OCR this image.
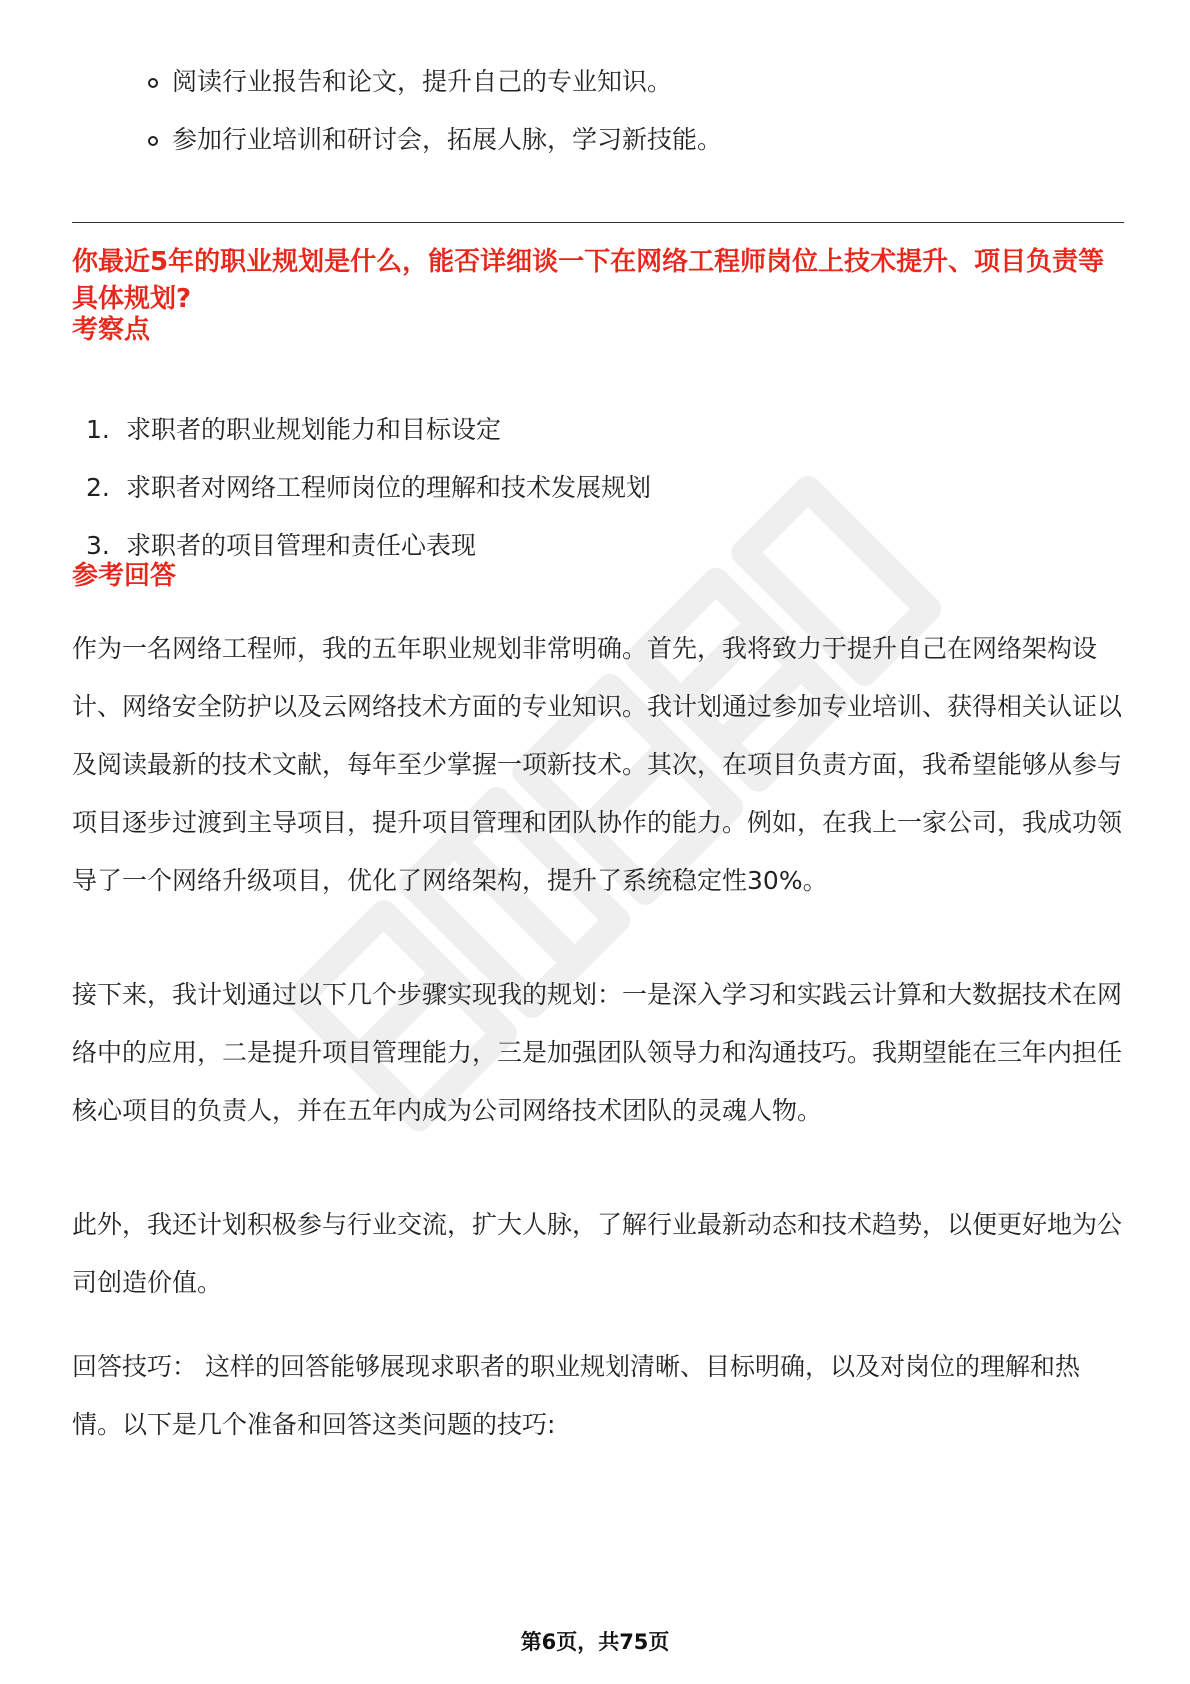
阅读行业报告和论文，提升自己的专业知识。
参加行业培训和研讨会，拓展人脉，学习新技能。

你最近5年的职业规划是什么，能否详细谈一下在网络工程师岗位上技术提升、项目负责等具体规划?

考察点
1. 求职者的职业规划能力和目标设定
2. 求职者对网络工程师岗位的理解和技术发展规划
3. 求职者的项目管理和责任心表现
参考回答

作为一名网络工程师，我的五年职业规划非常明确。首先，我将致力于提升自己在网络架构设计、网络安全防护以及云网络技术方面的专业知识。我计划通过参加专业培训、获得相关认证以及阅读最新的技术文献，每年至少掌握一项新技术。其次，在项目负责方面，我希望能够从参与项目逐步过渡到主导项目，提升项目管理和团队协作的能力。例如，在我上一家公司，我成功领导了一个网络升级项目，优化了网络架构，提升了系统稳定性30%。

接下来，我计划通过以下几个步骤实现我的规划：一是深入学习和实践云计算和大数据技术在网络中的应用，二是提升项目管理能力，三是加强团队领导力和沟通技巧。我期望能在三年内担任核心项目的负责人，并在五年内成为公司网络技术团队的灵魂人物。

此外，我还计划积极参与行业交流，扩大人脉，了解行业最新动态和技术趋势，以便更好地为公司创造价值。

回答技巧： 这样的回答能够展现求职者的职业规划清晰、目标明确，以及对岗位的理解和热情。以下是几个准备和回答这类问题的技巧:

第6页，共75页
